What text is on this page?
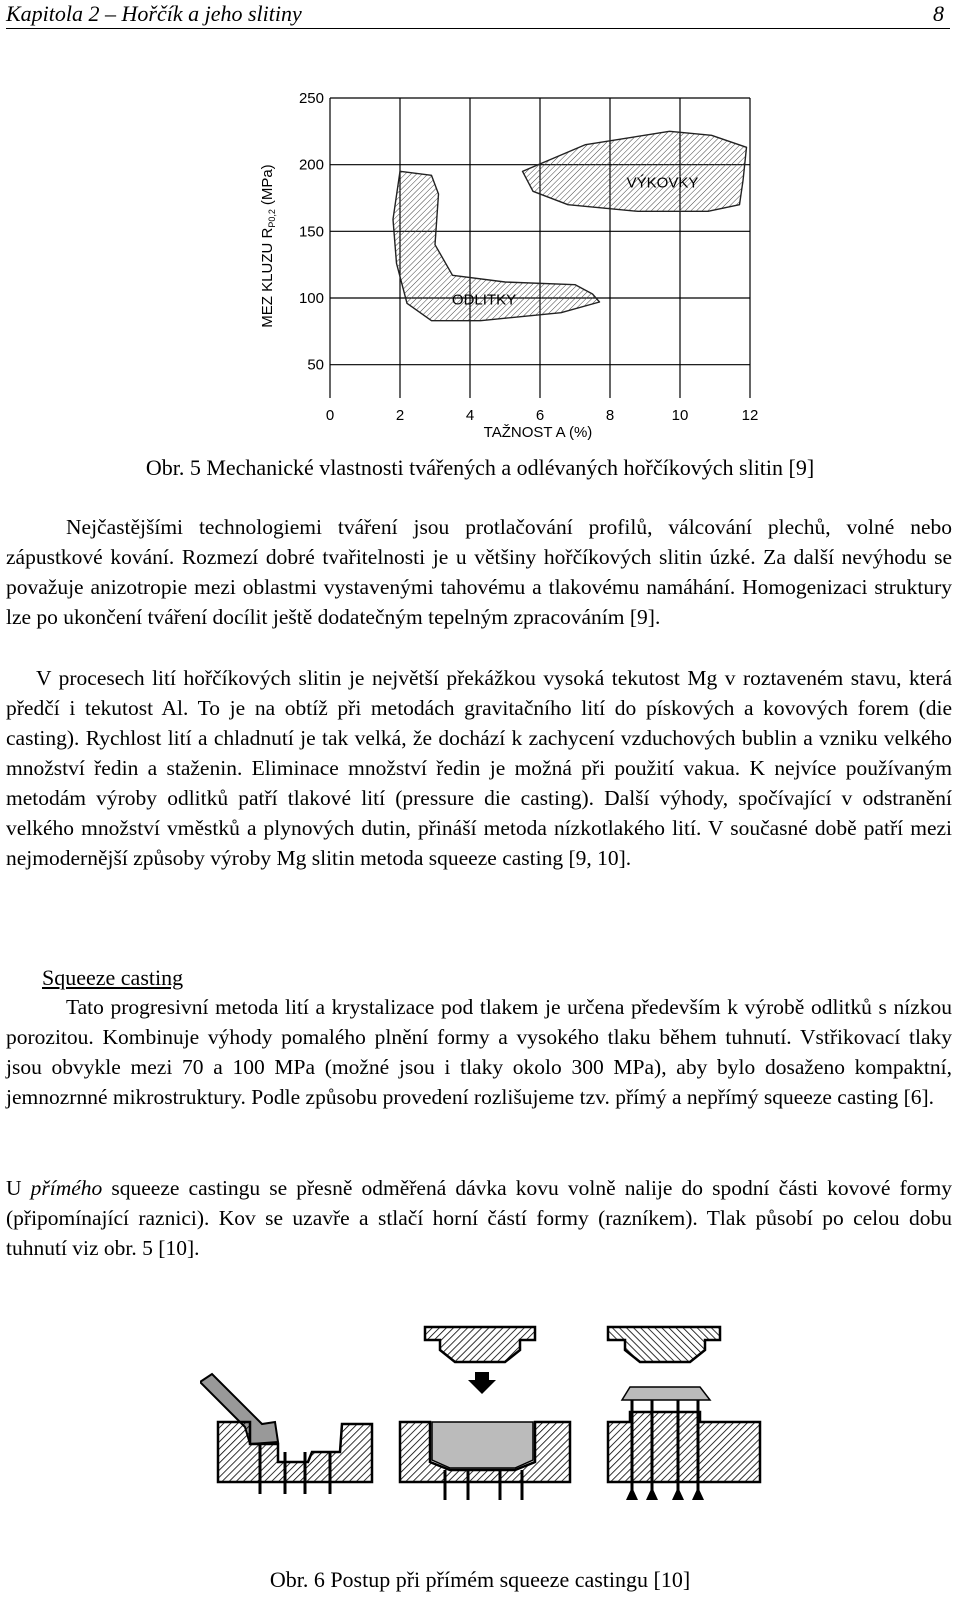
Kapitola 2 – Hořčík a jeho slitiny	8
VÝKOVKY
ODLITKY
0	2	4	6	8	10	12
50
100
150
200
250
TAŽNOST A (%)
MEZ KLUZU $R_{P0,2}(MPa)$
Obr. 5 Mechanické vlastnosti tvářených a odlévaných hořčíkových slitin [9]
Nejčastějšími technologiemi tváření jsou protlačování profilů, válcování plechů, volné nebo zápustkové kování. Rozmezí dobré tvařitelnosti je u většiny hořčíkových slitin úzké. Za další nevýhodu se považuje anizotropie mezi oblastmi vystavenými tahovému a tlakovému namáhání. Homogenizaci struktury lze po ukončení tváření docílit ještě dodatečným tepelným zpracováním [9].
V procesech lití hořčíkových slitin je největší překážkou vysoká tekutost Mg v roztaveném stavu, která předčí i tekutost Al. To je na obtíž při metodách gravitačního lití do pískových a kovových forem (die casting). Rychlost lití a chladnutí je tak velká, že dochází k zachycení vzduchových bublin a vzniku velkého množství ředin a staženin. Eliminace množství ředin je možná při použití vakua. K nejvíce používaným metodám výroby odlitků patří tlakové lití (pressure die casting). Další výhody, spočívající v odstranění velkého množství vměstků a plynových dutin, přináší metoda nízkotlakého lití. V současné době patří mezi nejmodernější způsoby výroby Mg slitin metoda squeeze casting [9, 10].
Squeeze casting
Tato progresivní metoda lití a krystalizace pod tlakem je určena především k výrobě odlitků s nízkou porozitou. Kombinuje výhody pomalého plnění formy a vysokého tlaku během tuhnutí. Vstřikovací tlaky jsou obvykle mezi 70 a 100 MPa (možné jsou i tlaky okolo 300 MPa), aby bylo dosaženo kompaktní, jemnozrnné mikrostruktury. Podle způsobu provedení rozlišujeme tzv. přímý a nepřímý squeeze casting [6].
U přímého squeeze castingu se přesně odměřená dávka kovu volně nalije do spodní části kovové formy (připomínající raznici). Kov se uzavře a stlačí horní částí formy (razníkem). Tlak působí po celou dobu tuhnutí viz obr. 5 [10].
Obr. 6 Postup při přímém squeeze castingu [10]
